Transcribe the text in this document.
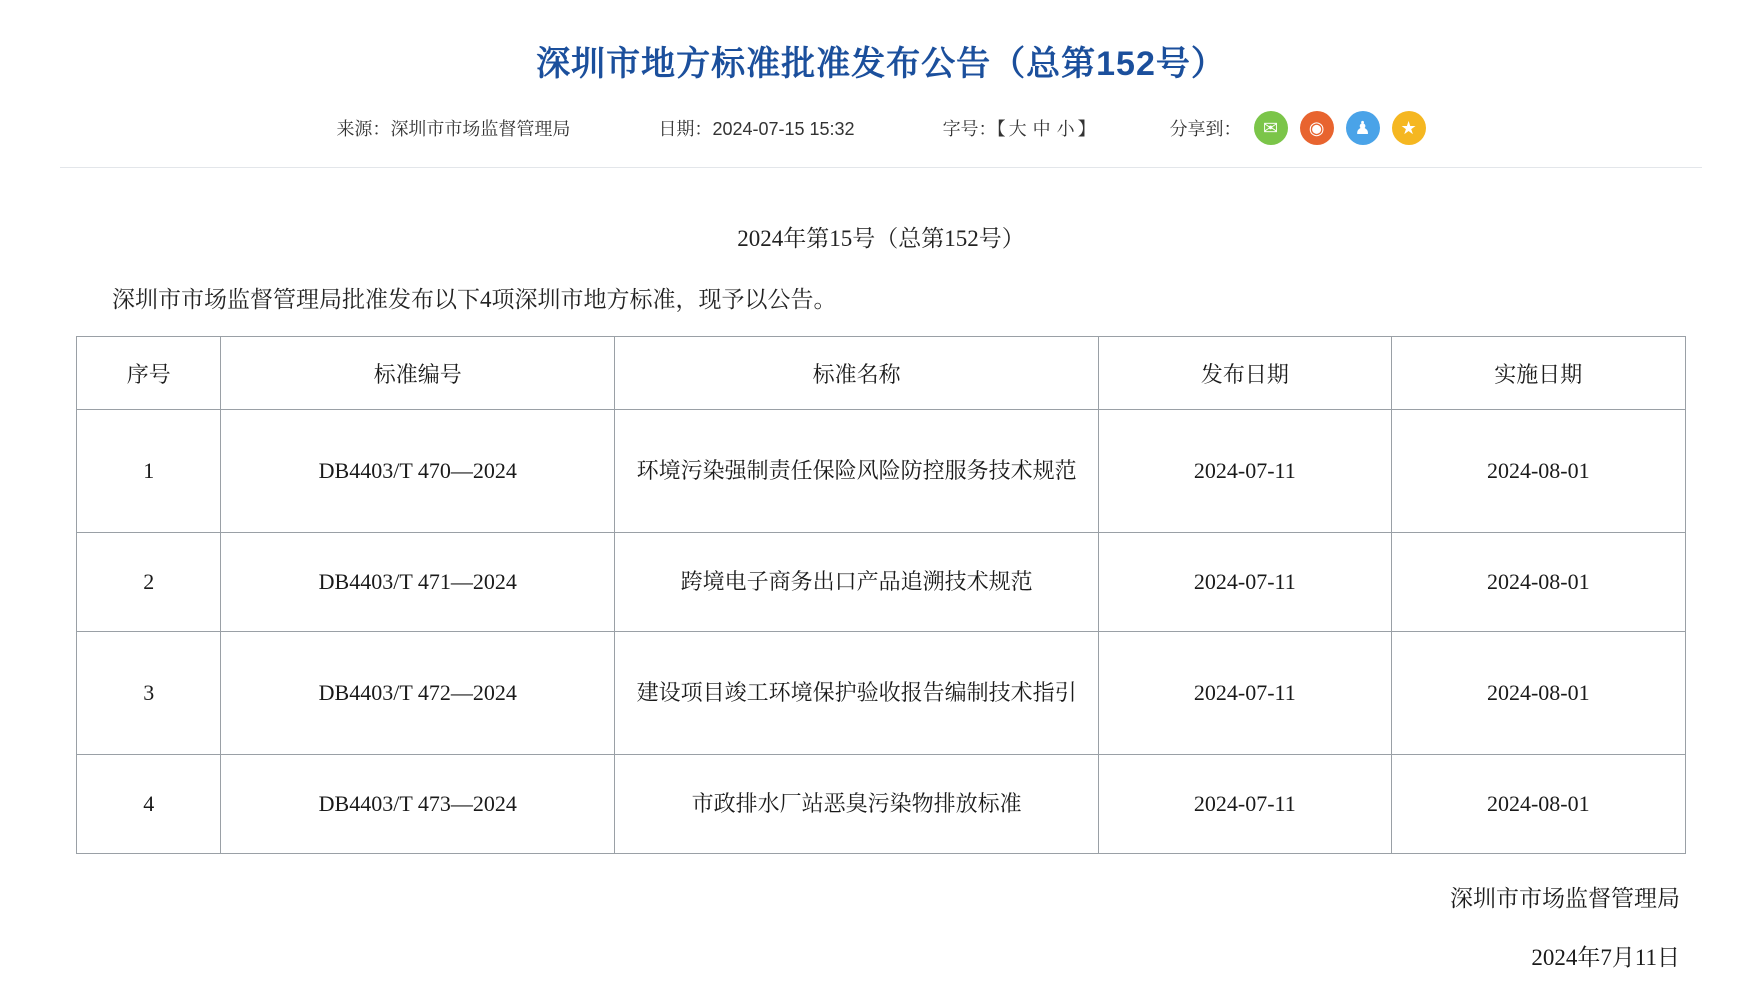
深圳市地方标准批准发布公告（总第152号）
来源：深圳市市场监督管理局	日期：2024-07-15 15:32	字号：【 大 中 小 】	分享到：	✉	◉	♟	★
2024年第15号（总第152号）
深圳市市场监督管理局批准发布以下4项深圳市地方标准，现予以公告。
序号	标准编号	标准名称	发布日期	实施日期
1	DB4403/T 470—2024	环境污染强制责任保险风险防控服务技术规范	2024-07-11	2024-08-01
2	DB4403/T 471—2024	跨境电子商务出口产品追溯技术规范	2024-07-11	2024-08-01
3	DB4403/T 472—2024	建设项目竣工环境保护验收报告编制技术指引	2024-07-11	2024-08-01
4	DB4403/T 473—2024	市政排水厂站恶臭污染物排放标准	2024-07-11	2024-08-01
深圳市市场监督管理局
2024年7月11日
